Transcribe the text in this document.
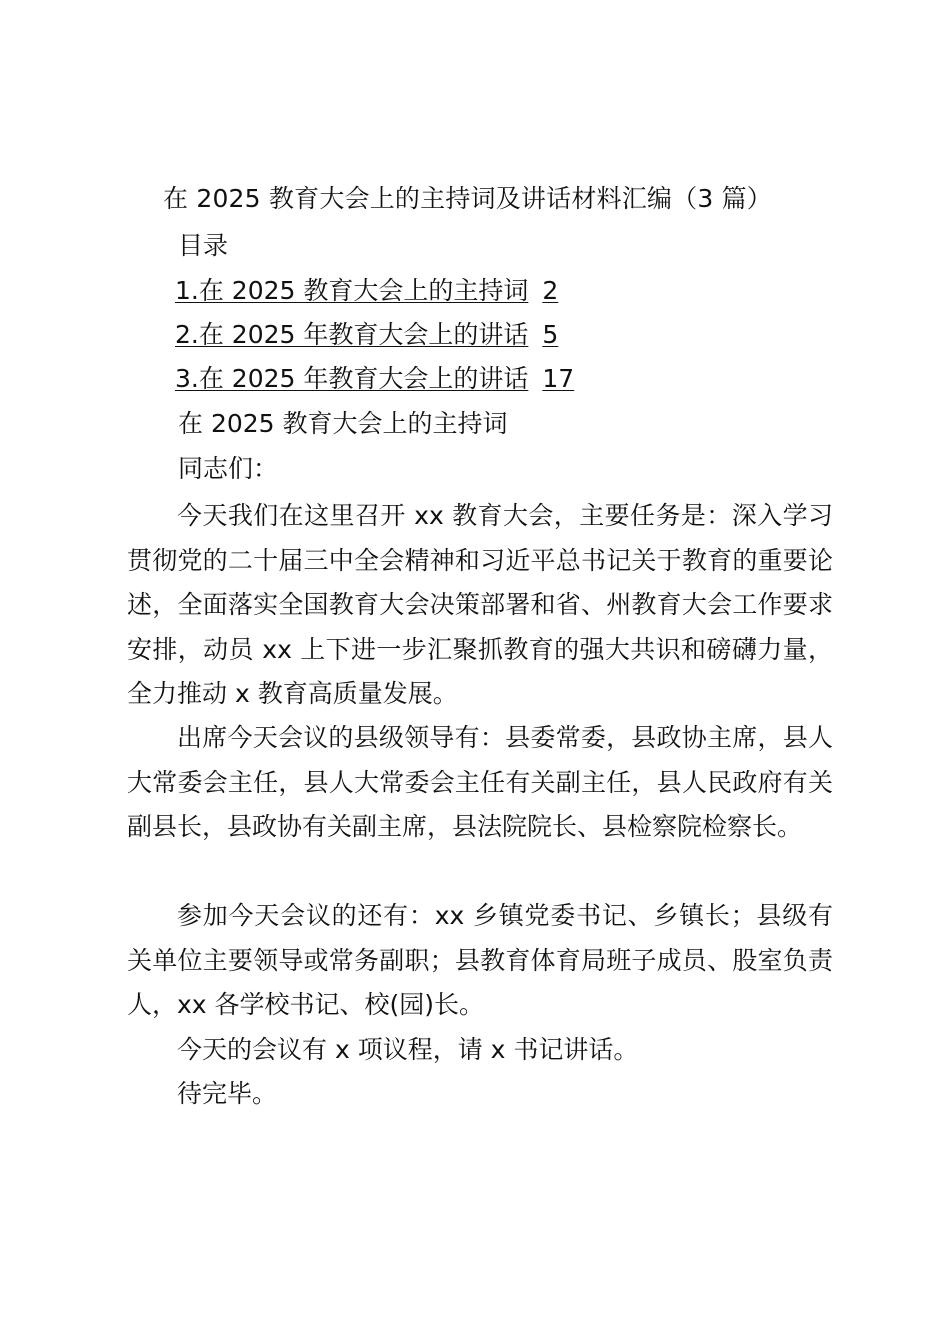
在 2025 教育大会上的主持词及讲话材料汇编（3 篇）
目录
1.在 2025 教育大会上的主持词 2
2.在 2025 年教育大会上的讲话 5
3.在 2025 年教育大会上的讲话 17
在 2025 教育大会上的主持词
同志们：

今天我们在这里召开 xx 教育大会，主要任务是：深入学习贯彻党的二十届三中全会精神和习近平总书记关于教育的重要论述，全面落实全国教育大会决策部署和省、州教育大会工作要求安排，动员 xx 上下进一步汇聚抓教育的强大共识和磅礴力量，全力推动 x 教育高质量发展。

出席今天会议的县级领导有：县委常委，县政协主席，县人大常委会主任，县人大常委会主任有关副主任，县人民政府有关副县长，县政协有关副主席，县法院院长、县检察院检察长。

参加今天会议的还有：xx 乡镇党委书记、乡镇长；县级有关单位主要领导或常务副职；县教育体育局班子成员、股室负责人，xx 各学校书记、校(园)长。

今天的会议有 x 项议程，请 x 书记讲话。

待完毕。
